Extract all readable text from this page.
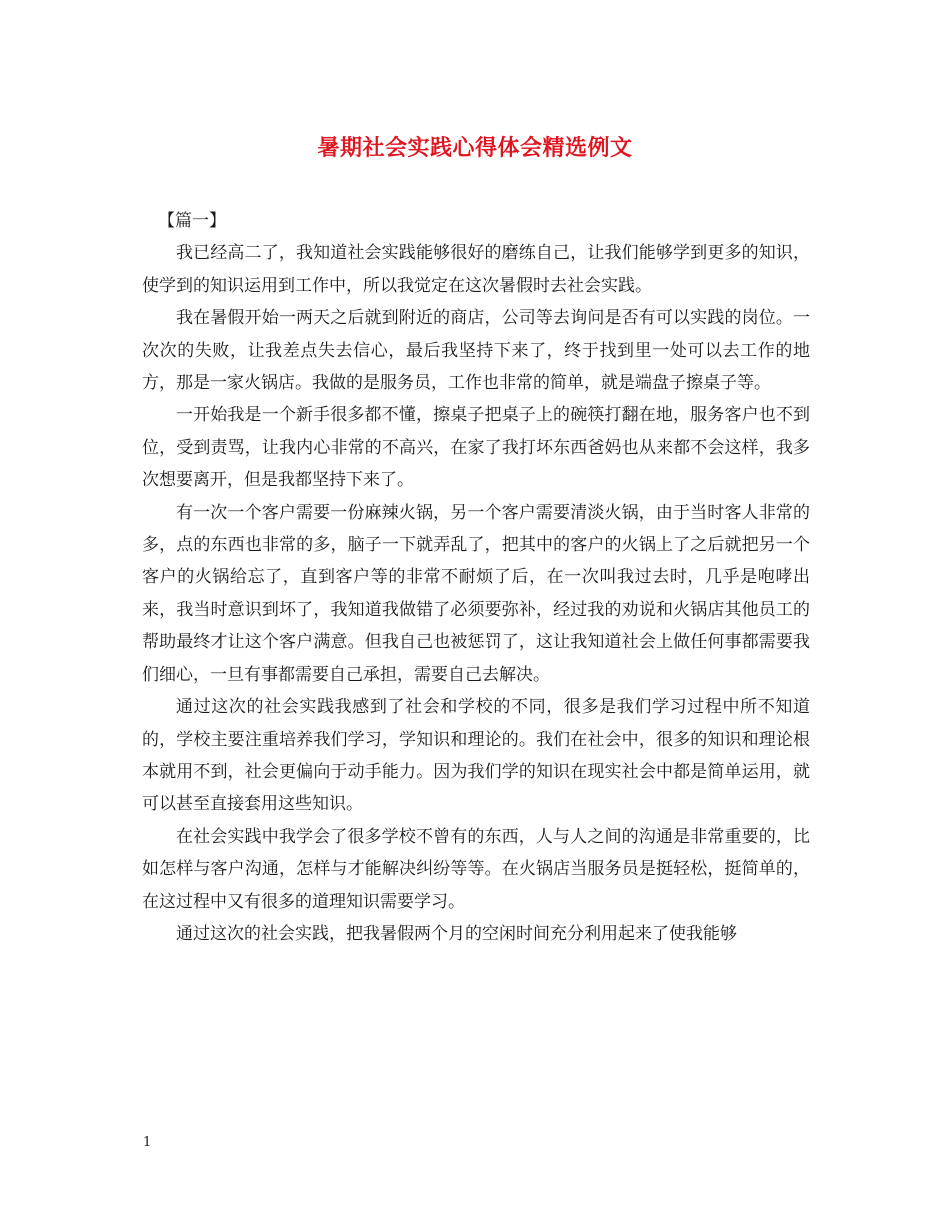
暑期社会实践心得体会精选例文

【篇一】

我已经高二了，我知道社会实践能够很好的磨练自己，让我们能够学到更多的知识，使学到的知识运用到工作中，所以我觉定在这次暑假时去社会实践。

我在暑假开始一两天之后就到附近的商店，公司等去询问是否有可以实践的岗位。一次次的失败，让我差点失去信心，最后我坚持下来了，终于找到里一处可以去工作的地方，那是一家火锅店。我做的是服务员，工作也非常的简单，就是端盘子擦桌子等。

一开始我是一个新手很多都不懂，擦桌子把桌子上的碗筷打翻在地，服务客户也不到位，受到责骂，让我内心非常的不高兴，在家了我打坏东西爸妈也从来都不会这样，我多次想要离开，但是我都坚持下来了。

有一次一个客户需要一份麻辣火锅，另一个客户需要清淡火锅，由于当时客人非常的多，点的东西也非常的多，脑子一下就弄乱了，把其中的客户的火锅上了之后就把另一个客户的火锅给忘了，直到客户等的非常不耐烦了后，在一次叫我过去时，几乎是咆哮出来，我当时意识到坏了，我知道我做错了必须要弥补，经过我的劝说和火锅店其他员工的帮助最终才让这个客户满意。但我自己也被惩罚了，这让我知道社会上做任何事都需要我们细心，一旦有事都需要自己承担，需要自己去解决。

通过这次的社会实践我感到了社会和学校的不同，很多是我们学习过程中所不知道的，学校主要注重培养我们学习，学知识和理论的。我们在社会中，很多的知识和理论根本就用不到，社会更偏向于动手能力。因为我们学的知识在现实社会中都是简单运用，就可以甚至直接套用这些知识。

在社会实践中我学会了很多学校不曾有的东西，人与人之间的沟通是非常重要的，比如怎样与客户沟通，怎样与才能解决纠纷等等。在火锅店当服务员是挺轻松，挺简单的，在这过程中又有很多的道理知识需要学习。

通过这次的社会实践，把我暑假两个月的空闲时间充分利用起来了使我能够

1
